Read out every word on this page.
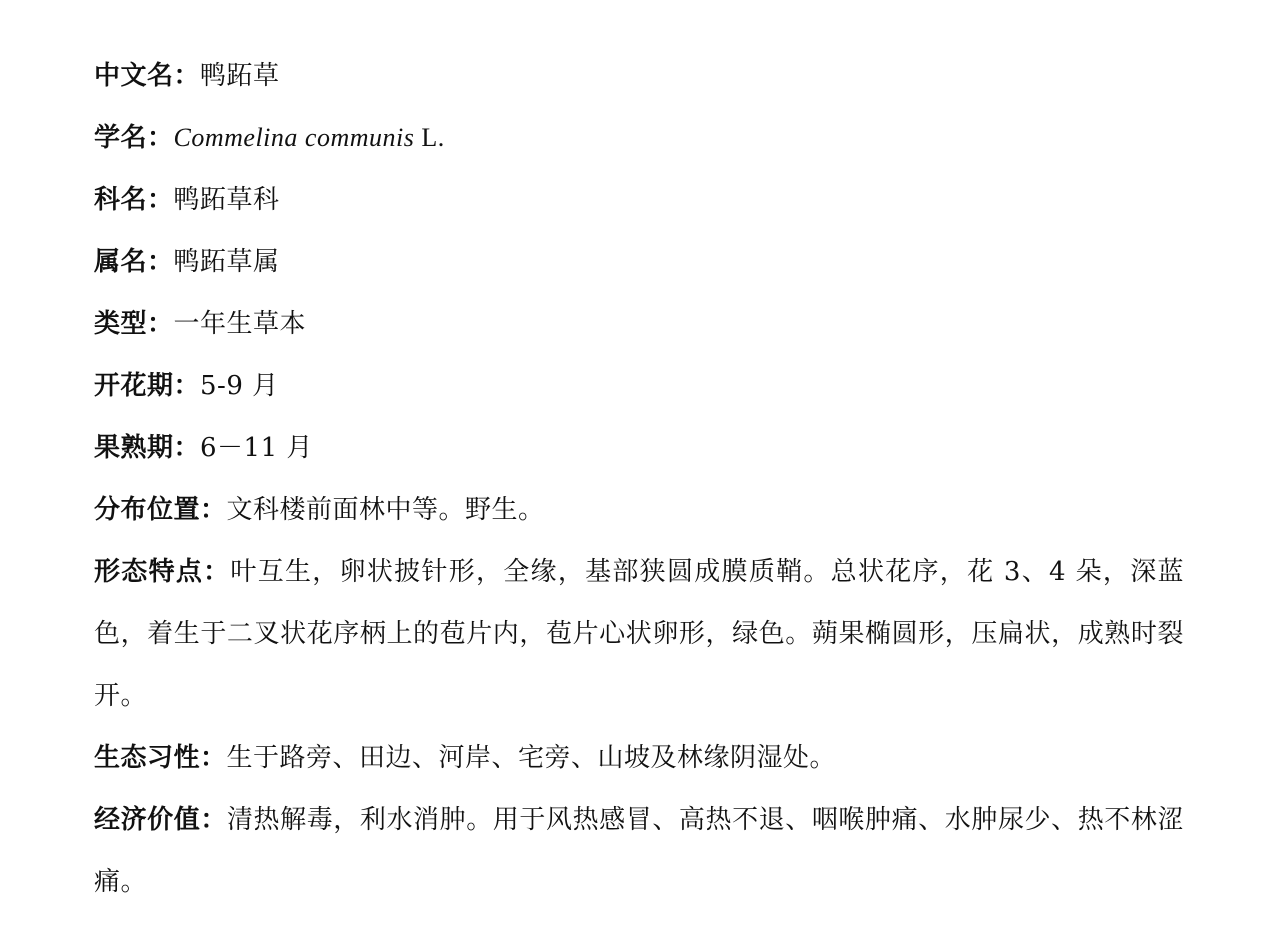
中文名：鸭跖草
学名：Commelina communis L.
科名：鸭跖草科
属名：鸭跖草属
类型：一年生草本
开花期：5-9 月
果熟期：6－11 月
分布位置：文科楼前面林中等。野生。
形态特点：叶互生，卵状披针形，全缘，基部狭圆成膜质鞘。总状花序，花 3、4 朵，深蓝色，着生于二叉状花序柄上的苞片内，苞片心状卵形，绿色。蒴果椭圆形，压扁状，成熟时裂开。
生态习性：生于路旁、田边、河岸、宅旁、山坡及林缘阴湿处。
经济价值：清热解毒，利水消肿。用于风热感冒、高热不退、咽喉肿痛、水肿尿少、热不林涩痛。
